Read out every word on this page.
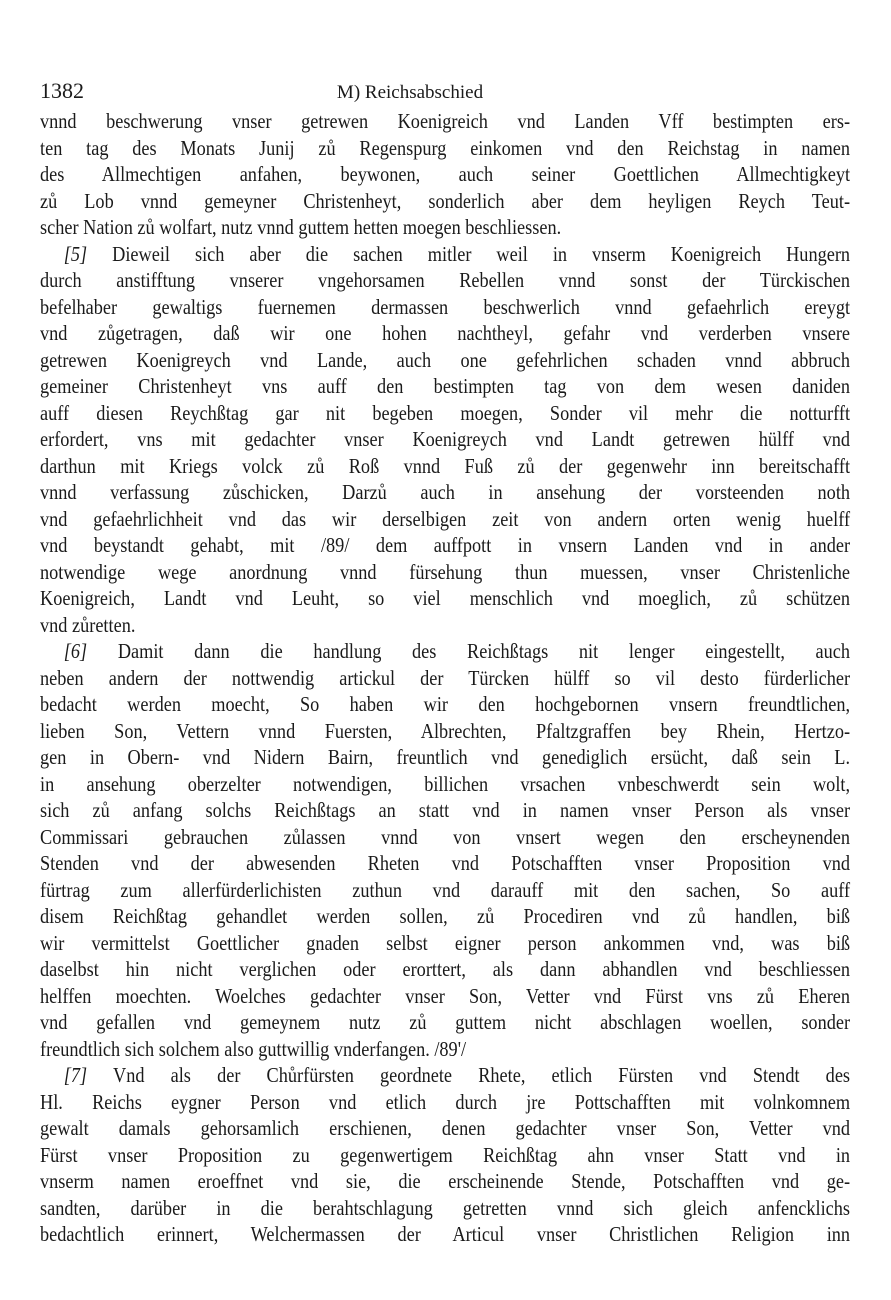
1382	M) Reichsabschied
vnnd beschwerung vnser getrewen Koenigreich vnd Landen Vff bestimpten ers-
ten tag des Monats Junij zů Regenspurg einkomen vnd den Reichstag in namen
des Allmechtigen anfahen, beywonen, auch seiner Goettlichen Allmechtigkeyt
zů Lob vnnd gemeyner Christenheyt, sonderlich aber dem heyligen Reych Teut-
scher Nation zů wolfart, nutz vnnd guttem hetten moegen beschliessen.
[5] Dieweil sich aber die sachen mitler weil in vnserm Koenigreich Hungern
durch anstifftung vnserer vngehorsamen Rebellen vnnd sonst der Türckischen
befelhaber gewaltigs fuernemen dermassen beschwerlich vnnd gefaehrlich ereygt
vnd zůgetragen, daß wir one hohen nachtheyl, gefahr vnd verderben vnsere
getrewen Koenigreych vnd Lande, auch one gefehrlichen schaden vnnd abbruch
gemeiner Christenheyt vns auff den bestimpten tag von dem wesen daniden
auff diesen Reychßtag gar nit begeben moegen, Sonder vil mehr die notturfft
erfordert, vns mit gedachter vnser Koenigreych vnd Landt getrewen hülff vnd
darthun mit Kriegs volck zů Roß vnnd Fuß zů der gegenwehr inn bereitschafft
vnnd verfassung zůschicken, Darzů auch in ansehung der vorsteenden noth
vnd gefaehrlichheit vnd das wir derselbigen zeit von andern orten wenig huelff
vnd beystandt gehabt, mit /89/ dem auffpott in vnsern Landen vnd in ander
notwendige wege anordnung vnnd fürsehung thun muessen, vnser Christenliche
Koenigreich, Landt vnd Leuht, so viel menschlich vnd moeglich, zů schützen
vnd zůretten.
[6] Damit dann die handlung des Reichßtags nit lenger eingestellt, auch
neben andern der nottwendig artickul der Türcken hülff so vil desto fürderlicher
bedacht werden moecht, So haben wir den hochgebornen vnsern freundtlichen,
lieben Son, Vettern vnnd Fuersten, Albrechten, Pfaltzgraffen bey Rhein, Hertzo-
gen in Obern- vnd Nidern Bairn, freuntlich vnd genediglich ersücht, daß sein L.
in ansehung oberzelter notwendigen, billichen vrsachen vnbeschwerdt sein wolt,
sich zů anfang solchs Reichßtags an statt vnd in namen vnser Person als vnser
Commissari gebrauchen zůlassen vnnd von vnsert wegen den erscheynenden
Stenden vnd der abwesenden Rheten vnd Potschafften vnser Proposition vnd
fürtrag zum allerfürderlichisten zuthun vnd darauff mit den sachen, So auff
disem Reichßtag gehandlet werden sollen, zů Procediren vnd zů handlen, biß
wir vermittelst Goettlicher gnaden selbst eigner person ankommen vnd, was biß
daselbst hin nicht verglichen oder erorttert, als dann abhandlen vnd beschliessen
helffen moechten. Woelches gedachter vnser Son, Vetter vnd Fürst vns zů Eheren
vnd gefallen vnd gemeynem nutz zů guttem nicht abschlagen woellen, sonder
freundtlich sich solchem also guttwillig vnderfangen. /89'/
[7] Vnd als der Chůrfürsten geordnete Rhete, etlich Fürsten vnd Stendt des
Hl. Reichs eygner Person vnd etlich durch jre Pottschafften mit volnkomnem
gewalt damals gehorsamlich erschienen, denen gedachter vnser Son, Vetter vnd
Fürst vnser Proposition zu gegenwertigem Reichßtag ahn vnser Statt vnd in
vnserm namen eroeffnet vnd sie, die erscheinende Stende, Potschafften vnd ge-
sandten, darüber in die berahtschlagung getretten vnnd sich gleich anfencklichs
bedachtlich erinnert, Welchermassen der Articul vnser Christlichen Religion inn
